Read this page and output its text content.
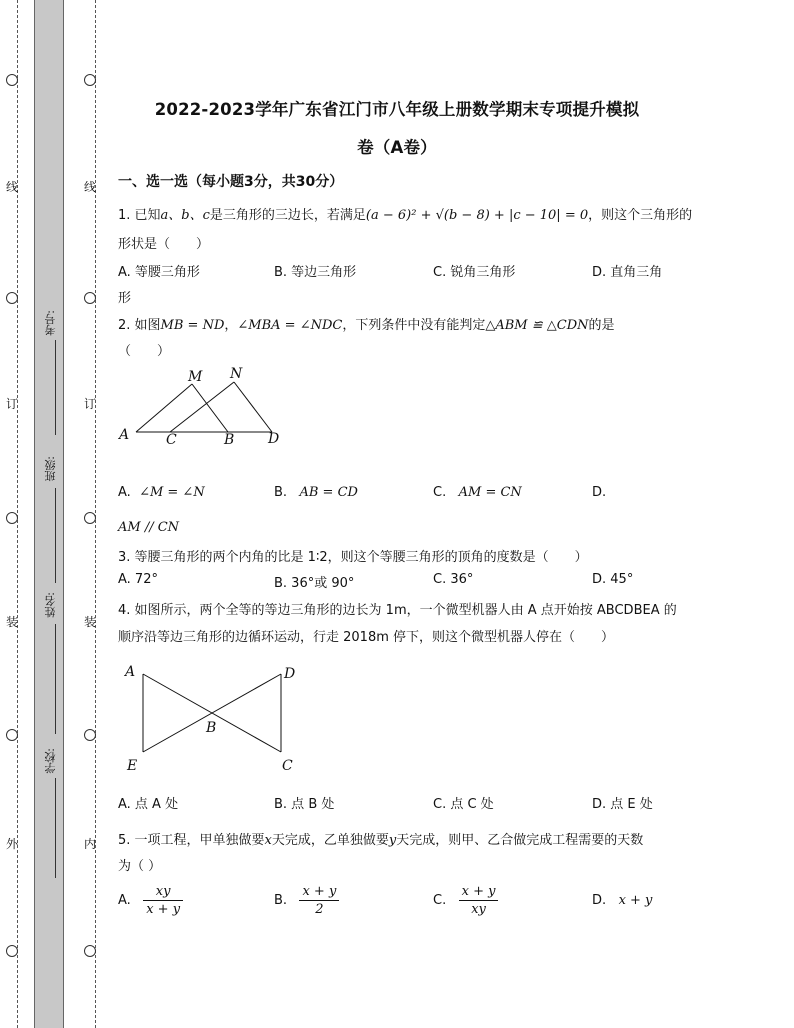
线
订
装
外
线
订
装
内
考号:
班级:
姓名:
学校:
2022-2023学年广东省江门市八年级上册数学期末专项提升模拟
卷（A卷）
一、选一选（每小题3分，共30分）
1. 已知a、b、c是三角形的三边长，若满足(a − 6)² + √(b − 8) + |c − 10| = 0，则这个三角形的
形状是（　　）
A. 等腰三角形	B. 等边三角形	C. 锐角三角形	D. 直角三角
形
2. 如图MB = ND，∠MBA = ∠NDC，下列条件中没有能判定△ABM ≌ △CDN的是
（　　）
M N
A	C	B D
A. ∠M = ∠N	B. AB = CD	C. AM = CN	D.
AM // CN
3. 等腰三角形的两个内角的比是 1∶2，则这个等腰三角形的顶角的度数是（　　）
A. 72°	B. 36°或 90°	C. 36°	D. 45°
4. 如图所示，两个全等的等边三角形的边长为 1m，一个微型机器人由 A 点开始按 ABCDBEA 的
顺序沿等边三角形的边循环运动，行走 2018m 停下，则这个微型机器人停在（　　）
A	D
B
E	C
A. 点 A 处	B. 点 B 处	C. 点 C 处	D. 点 E 处
5. 一项工程，甲单独做要x天完成，乙单独做要y天完成，则甲、乙合做完成工程需要的天数
为（ ）
A. $\frac{xy}{x + y}$	B. $\frac{x + y}{2}$	C. $\frac{x + y}{xy}$	D. x + y
